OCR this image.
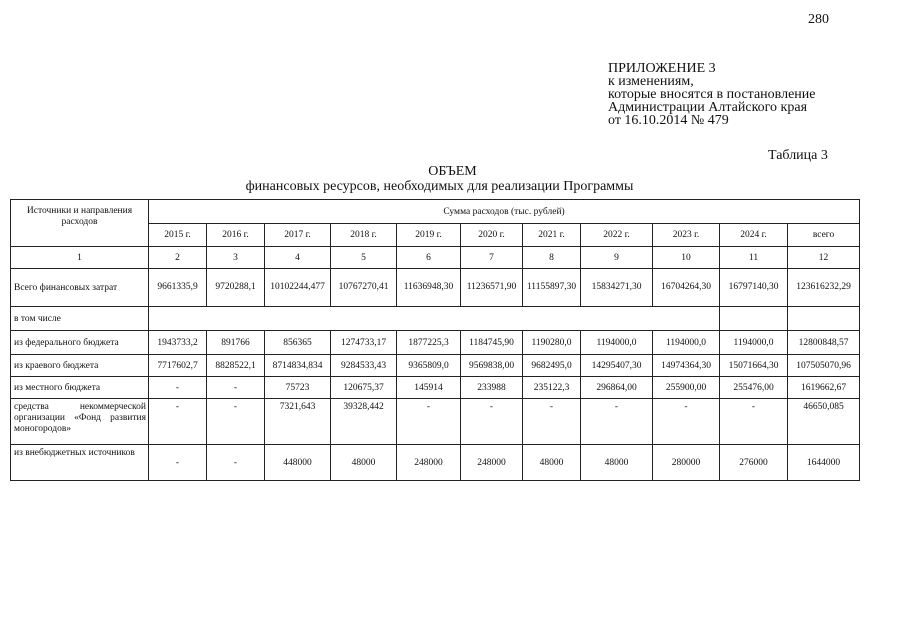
280
ПРИЛОЖЕНИЕ 3
к изменениям,
которые вносятся в постановление
Администрации Алтайского края
от 16.10.2014 № 479
Таблица 3
ОБЪЕМ
финансовых ресурсов, необходимых для реализации Программы
Источники и направления расходов	Сумма расходов (тыс. рублей)										
	2015 г.	2016 г.	2017 г.	2018 г.	2019 г.	2020 г.	2021 г.	2022 г.	2023 г.	2024 г.	всего
1	2	3	4	5	6	7	8	9	10	11	12
Всего финансовых затрат	9661335,9	9720288,1	10102244,477	10767270,41	11636948,30	11236571,90	11155897,30	15834271,30	16704264,30	16797140,30	123616232,29
в том числе											
из федерального бюджета	1943733,2	891766	856365	1274733,17	1877225,3	1184745,90	1190280,0	1194000,0	1194000,0	1194000,0	12800848,57
из краевого бюджета	7717602,7	8828522,1	8714834,834	9284533,43	9365809,0	9569838,00	9682495,0	14295407,30	14974364,30	15071664,30	107505070,96
из местного бюджета	-	-	75723	120675,37	145914	233988	235122,3	296864,00	255900,00	255476,00	1619662,67
средства некоммерческой организации «Фонд развития моногородов»	-	-	7321,643	39328,442	-	-	-	-	-	-	46650,085
из внебюджетных источников	-	-	448000	48000	248000	248000	48000	48000	280000	276000	1644000
